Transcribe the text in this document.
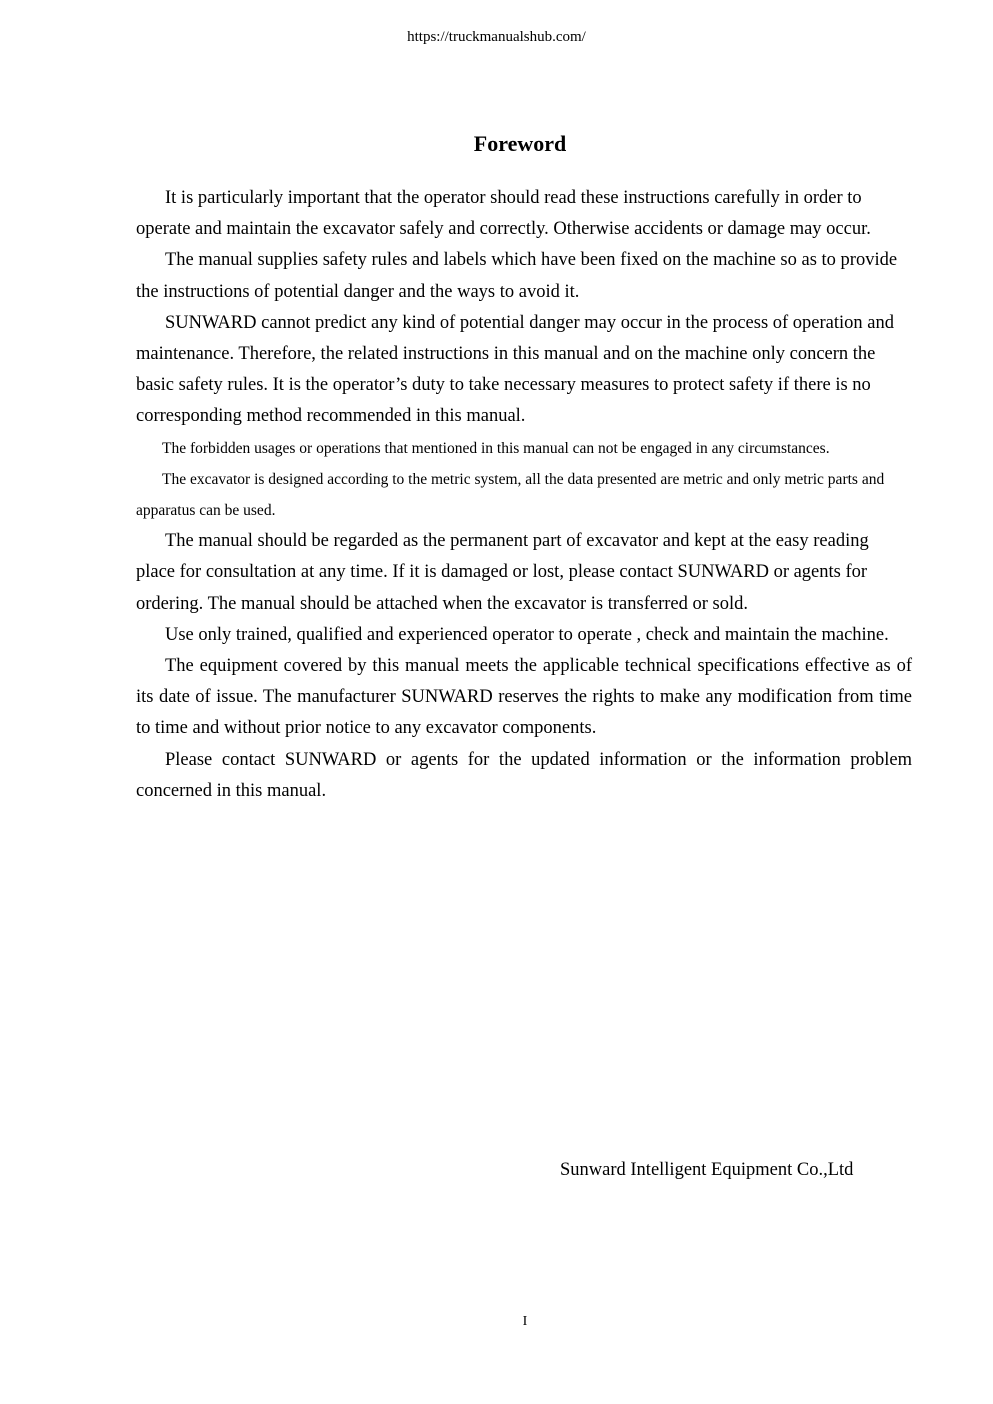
https://truckmanualshub.com/
Foreword

It is particularly important that the operator should read these instructions carefully in order to operate and maintain the excavator safely and correctly. Otherwise accidents or damage may occur.

The manual supplies safety rules and labels which have been fixed on the machine so as to provide the instructions of potential danger and the ways to avoid it.

SUNWARD cannot predict any kind of potential danger may occur in the process of operation and maintenance. Therefore, the related instructions in this manual and on the machine only concern the basic safety rules. It is the operator’s duty to take necessary measures to protect safety if there is no corresponding method recommended in this manual.

The forbidden usages or operations that mentioned in this manual can not be engaged in any circumstances.

The excavator is designed according to the metric system, all the data presented are metric and only metric parts and apparatus can be used.

The manual should be regarded as the permanent part of excavator and kept at the easy reading place for consultation at any time. If it is damaged or lost, please contact SUNWARD or agents for ordering. The manual should be attached when the excavator is transferred or sold.

Use only trained, qualified and experienced operator to operate , check and maintain the machine.

The equipment covered by this manual meets the applicable technical specifications effective as of its date of issue. The manufacturer SUNWARD reserves the rights to make any modification from time to time and without prior notice to any excavator components.

Please contact SUNWARD or agents for the updated information or the information problem concerned in this manual.

Sunward Intelligent Equipment Co.,Ltd
I
